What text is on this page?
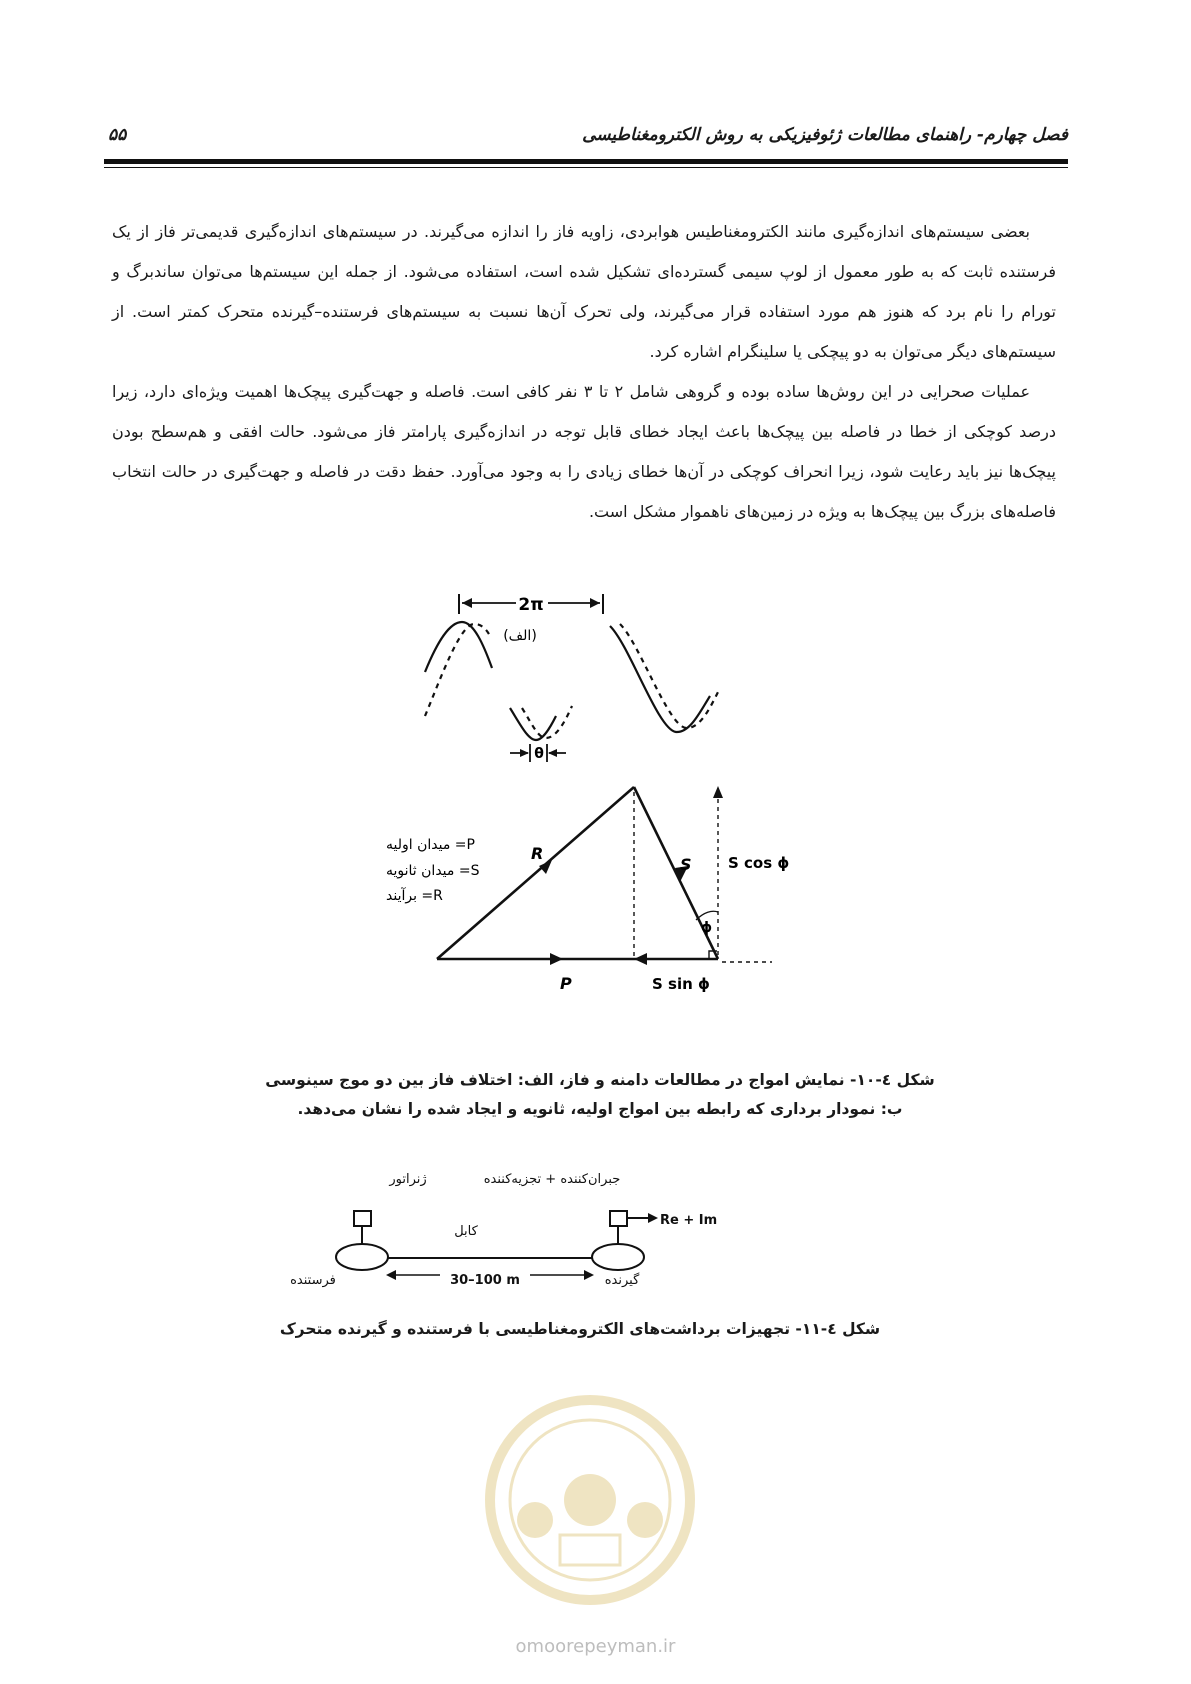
فصل چهارم- راهنمای مطالعات ژئوفیزیکی به روش الکترومغناطیسی
۵۵

بعضی سیستم‌های اندازه‌گیری مانند الکترومغناطیس هوابردی، زاویه فاز را اندازه می‌گیرند. در سیستم‌های اندازه‌گیری قدیمی‌تر فاز از یک فرستنده ثابت که به طور معمول از لوپ سیمی گسترده‌ای تشکیل شده است، استفاده می‌شود. از جمله این سیستم‌ها می‌توان ساندبرگ و تورام را نام برد که هنوز هم مورد استفاده قرار می‌گیرند، ولی تحرک آن‌ها نسبت به سیستم‌های فرستنده–گیرنده متحرک کمتر است. از سیستم‌های دیگر می‌توان به دو پیچکی یا سلینگرام اشاره کرد.

عملیات صحرایی در این روش‌ها ساده بوده و گروهی شامل ۲ تا ۳ نفر کافی است. فاصله و جهت‌گیری پیچک‌ها اهمیت ویژه‌ای دارد، زیرا درصد کوچکی از خطا در فاصله بین پیچک‌ها باعث ایجاد خطای قابل توجه در اندازه‌گیری پارامتر فاز می‌شود. حالت افقی و هم‌سطح بودن پیچک‌ها نیز باید رعایت شود، زیرا انحراف کوچکی در آن‌ها خطای زیادی را به وجود می‌آورد. حفظ دقت در فاصله و جهت‌گیری در حالت انتخاب فاصله‌های بزرگ بین پیچک‌ها به ویژه در زمین‌های ناهموار مشکل است.

2π
(الف)
θ
R
S
P
S cos ϕ
S sin ϕ
ϕ
P= میدان اولیه
S= میدان ثانویه
R= برآیند
شکل ٤-۱۰- نمایش امواج در مطالعات دامنه و فاز، الف: اختلاف فاز بین دو موج سینوسی
ب: نمودار برداری که رابطه بین امواج اولیه، ثانویه و ایجاد شده را نشان می‌دهد.
ژنراتور	جبران‌کننده + تجزیه‌کننده
کابل
Re + Im
فرستنده	گیرنده
30–100 m
شکل ٤-۱۱- تجهیزات برداشت‌های الکترومغناطیسی با فرستنده و گیرنده متحرک
omoorepeyman.ir
